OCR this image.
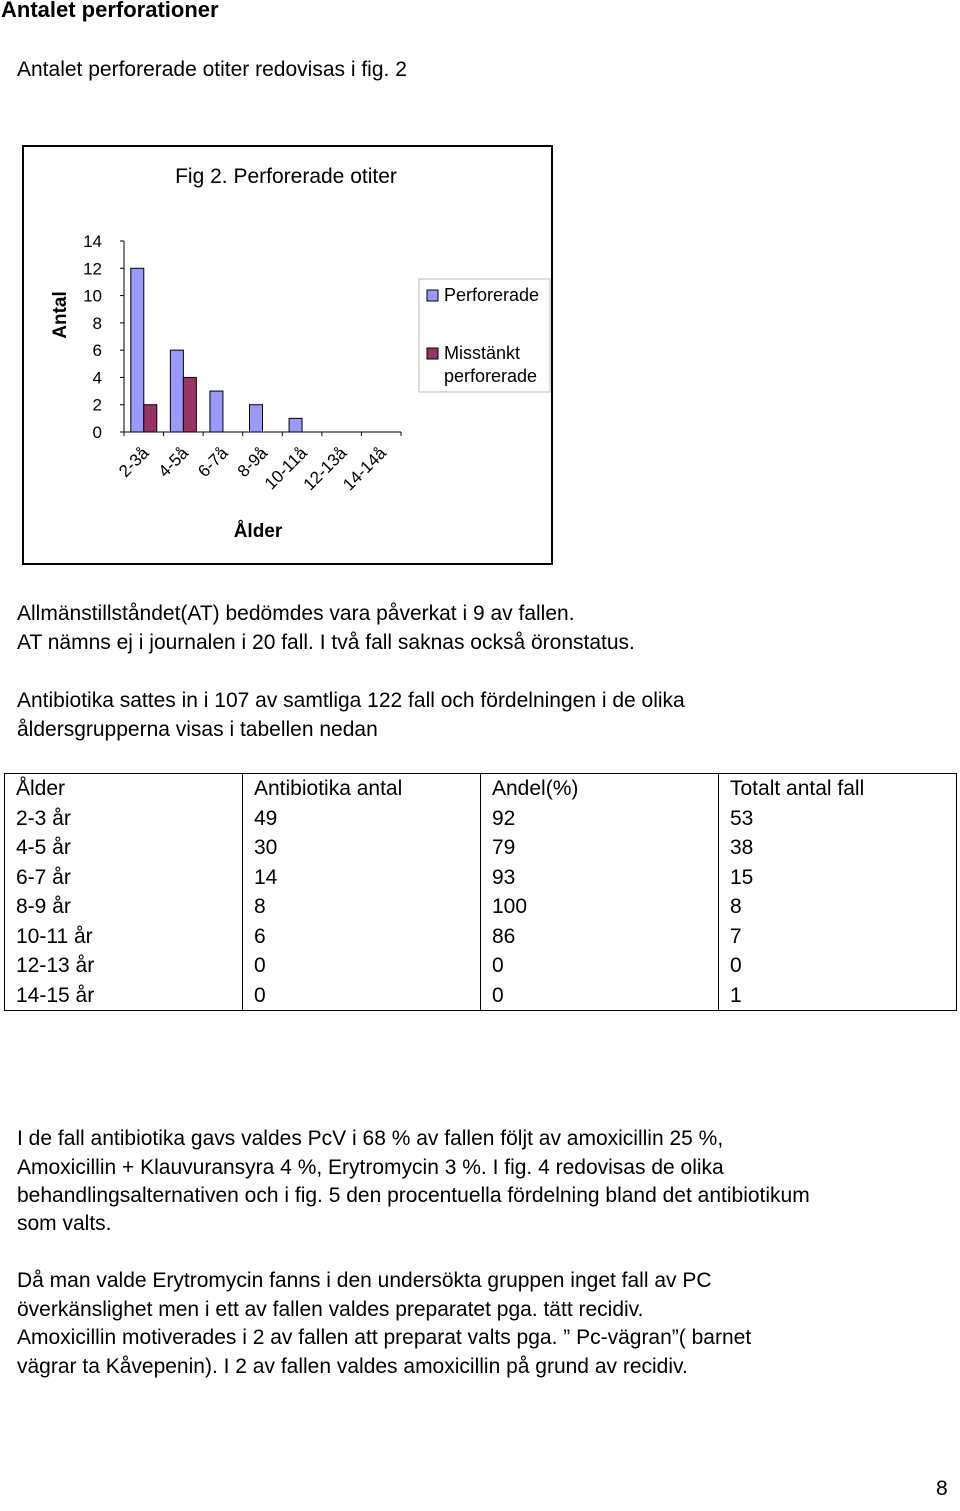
Antalet perforationer
Antalet perforerade otiter redovisas i fig. 2
Fig 2. Perforerade otiter
Antal
Ålder
14
12
10
8
6
4
2
0
2-3å 4-5å 6-7å 8-9å
10-11å
12-13å
14-14å
Perforerade
Misstänkt
perforerade
Allmänstillståndet(AT) bedömdes vara påverkat i 9 av fallen.
AT nämns ej i journalen i 20 fall. I två fall saknas också öronstatus.
Antibiotika sattes in i 107 av samtliga 122 fall och fördelningen i de olika
åldersgrupperna visas i tabellen nedan
Ålder	Antibiotika antal	Andel(%)	Totalt antal fall
2-3 år	49	92	53
4-5 år	30	79	38
6-7 år	14	93	15
8-9 år	8	100	8
10-11 år	6	86	7
12-13 år	0	0	0
14-15 år	0	0	1
I de fall antibiotika gavs valdes PcV i 68 % av fallen följt av amoxicillin 25 %,
Amoxicillin + Klauvuransyra 4 %, Erytromycin 3 %. I fig. 4 redovisas de olika
behandlingsalternativen och i fig. 5 den procentuella fördelning bland det antibiotikum
som valts.
Då man valde Erytromycin fanns i den undersökta gruppen inget fall av PC
överkänslighet men i ett av fallen valdes preparatet pga. tätt recidiv.
Amoxicillin motiverades i 2 av fallen att preparat valts pga. ” Pc-vägran”( barnet
vägrar ta Kåvepenin). I 2 av fallen valdes amoxicillin på grund av recidiv.
8
